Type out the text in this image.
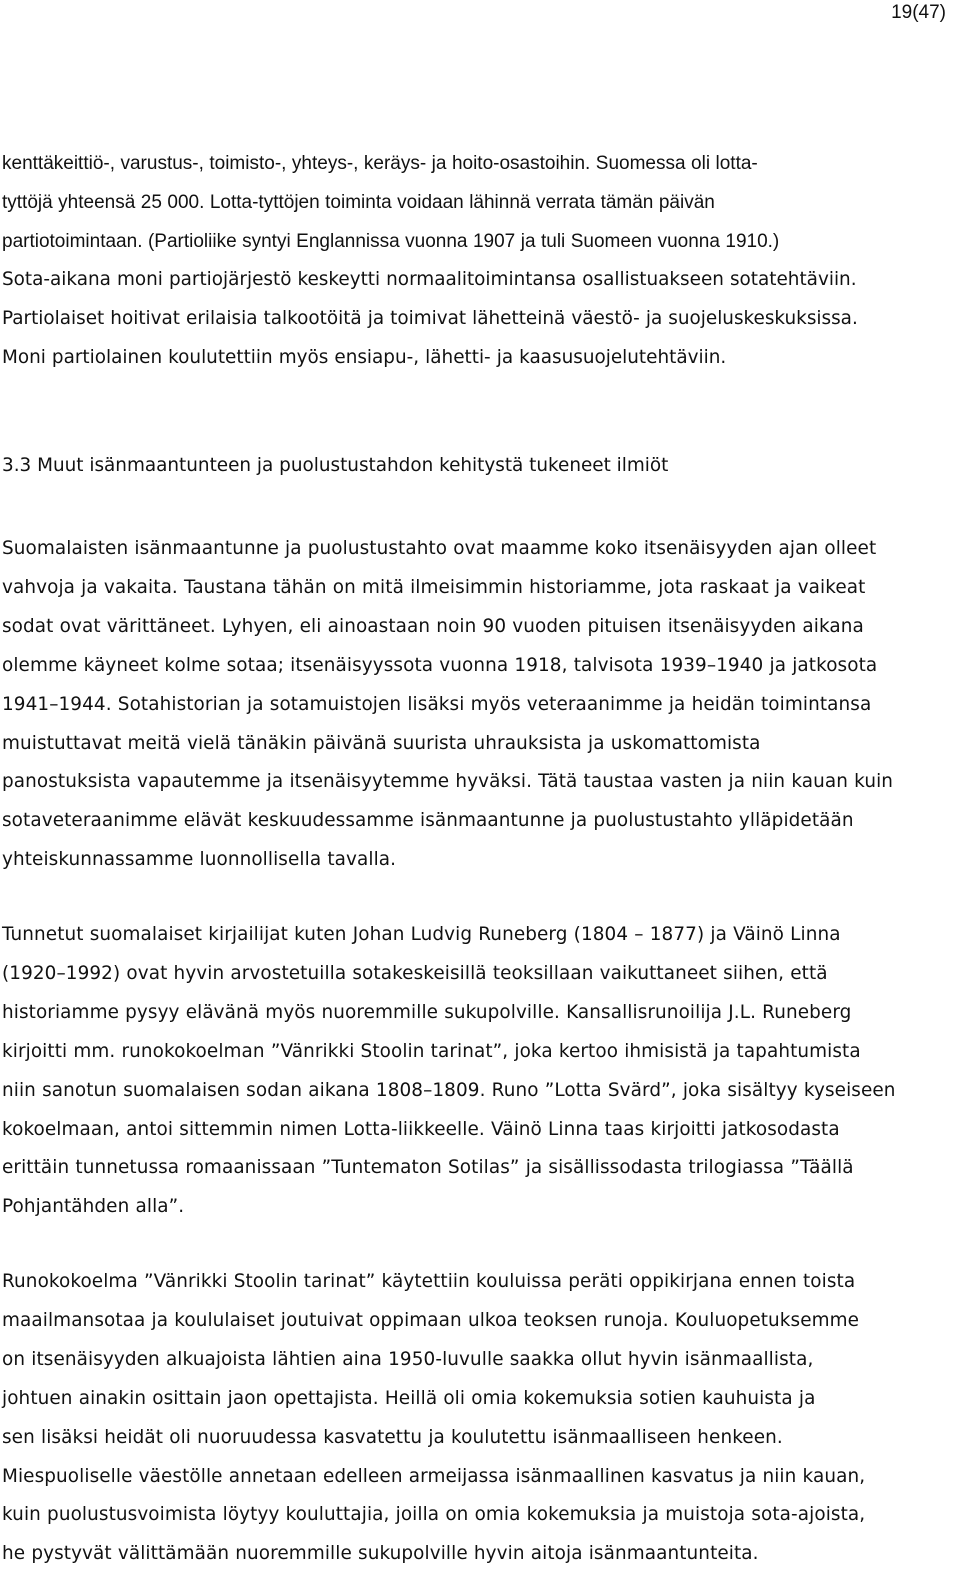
19(47)
kenttäkeittiö-, varustus-, toimisto-, yhteys-, keräys- ja hoito-osastoihin. Suomessa oli lotta-
tyttöjä yhteensä 25 000. Lotta-tyttöjen toiminta voidaan lähinnä verrata tämän päivän
partiotoimintaan. (Partioliike syntyi Englannissa vuonna 1907 ja tuli Suomeen vuonna 1910.)
Sota-aikana moni partiojärjestö keskeytti normaalitoimintansa osallistuakseen sotatehtäviin.
Partiolaiset hoitivat erilaisia talkootöitä ja toimivat lähetteinä väestö- ja suojeluskeskuksissa.
Moni partiolainen koulutettiin myös ensiapu-, lähetti- ja kaasusuojelutehtäviin.
3.3 Muut isänmaantunteen ja puolustustahdon kehitystä tukeneet ilmiöt
Suomalaisten isänmaantunne ja puolustustahto ovat maamme koko itsenäisyyden ajan olleet
vahvoja ja vakaita. Taustana tähän on mitä ilmeisimmin historiamme, jota raskaat ja vaikeat
sodat ovat värittäneet. Lyhyen, eli ainoastaan noin 90 vuoden pituisen itsenäisyyden aikana
olemme käyneet kolme sotaa; itsenäisyyssota vuonna 1918, talvisota 1939–1940 ja jatkosota
1941–1944. Sotahistorian ja sotamuistojen lisäksi myös veteraanimme ja heidän toimintansa
muistuttavat meitä vielä tänäkin päivänä suurista uhrauksista ja uskomattomista
panostuksista vapautemme ja itsenäisyytemme hyväksi. Tätä taustaa vasten ja niin kauan kuin
sotaveteraanimme elävät keskuudessamme isänmaantunne ja puolustustahto ylläpidetään
yhteiskunnassamme luonnollisella tavalla.
Tunnetut suomalaiset kirjailijat kuten Johan Ludvig Runeberg (1804 – 1877) ja Väinö Linna
(1920–1992) ovat hyvin arvostetuilla sotakeskeisillä teoksillaan vaikuttaneet siihen, että
historiamme pysyy elävänä myös nuoremmille sukupolville. Kansallisrunoilija J.L. Runeberg
kirjoitti mm. runokokoelman ”Vänrikki Stoolin tarinat”, joka kertoo ihmisistä ja tapahtumista
niin sanotun suomalaisen sodan aikana 1808–1809. Runo ”Lotta Svärd”, joka sisältyy kyseiseen
kokoelmaan, antoi sittemmin nimen Lotta-liikkeelle. Väinö Linna taas kirjoitti jatkosodasta
erittäin tunnetussa romaanissaan ”Tuntematon Sotilas” ja sisällissodasta trilogiassa ”Täällä
Pohjantähden alla”.
Runokokoelma ”Vänrikki Stoolin tarinat” käytettiin kouluissa peräti oppikirjana ennen toista
maailmansotaa ja koululaiset joutuivat oppimaan ulkoa teoksen runoja. Kouluopetuksemme
on itsenäisyyden alkuajoista lähtien aina 1950-luvulle saakka ollut hyvin isänmaallista,
johtuen ainakin osittain jaon opettajista. Heillä oli omia kokemuksia sotien kauhuista ja
sen lisäksi heidät oli nuoruudessa kasvatettu ja koulutettu isänmaalliseen henkeen.
Miespuoliselle väestölle annetaan edelleen armeijassa isänmaallinen kasvatus ja niin kauan,
kuin puolustusvoimista löytyy kouluttajia, joilla on omia kokemuksia ja muistoja sota-ajoista,
he pystyvät välittämään nuoremmille sukupolville hyvin aitoja isänmaantunteita.
